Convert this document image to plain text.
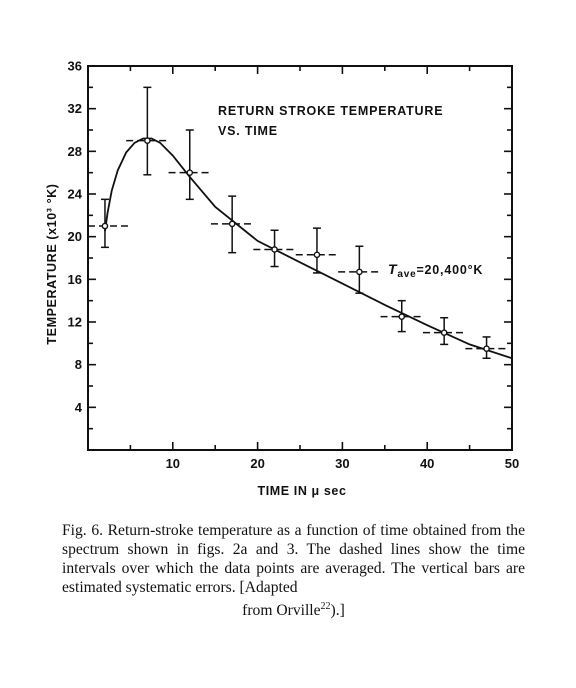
4
8
12
16
20
24
28
32
36
10	20	30	40	50
RETURN STROKE TEMPERATURE
VS. TIME
$T_{ave}=20,400^\circ K$
TIME IN μ sec
TEMPERATURE (x10³ °K)
Fig. 6. Return-stroke temperature as a function of time obtained from the spectrum shown in figs. 2a and 3. The dashed lines show the time intervals over which the data points are averaged. The vertical bars are estimated systematic errors. [Adapted
from Orville$^{22}$).]
